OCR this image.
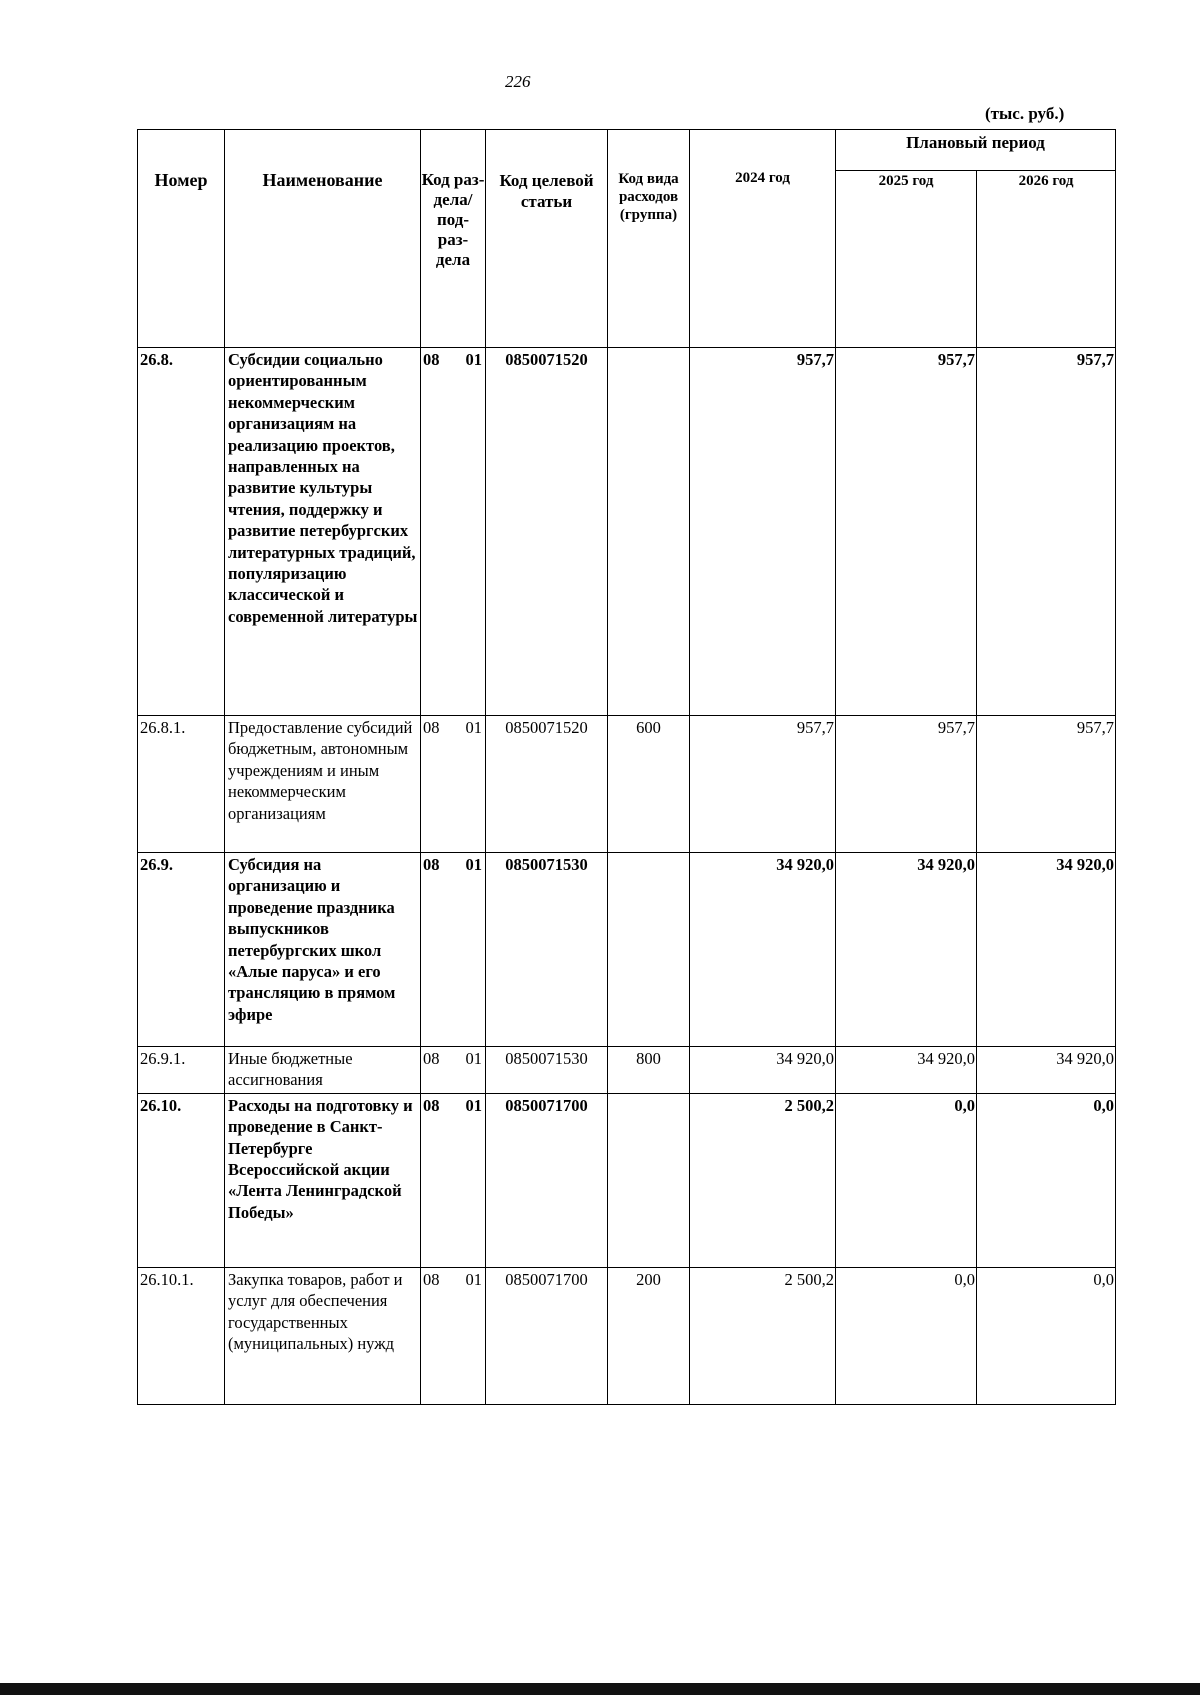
226
(тыс. руб.)
Номер	Наименование	Код раз- дела/ под- раз- дела	Код целевой статьи	Код вида расходов (группа)	2024 год	Плановый период	
						2025 год	2026 год
26.8.	Субсидии социально ориентированным некоммерческим организациям на реализацию проектов, направленных на развитие культуры чтения, поддержку и развитие петербургских литературных традиций, популяризацию классической и современной литературы	08 01	0850071520		957,7	957,7	957,7
26.8.1.	Предоставление субсидий бюджетным, автономным учреждениям и иным некоммерческим организациям	08 01	0850071520	600	957,7	957,7	957,7
26.9.	Субсидия на организацию и проведение праздника выпускников петербургских школ «Алые паруса» и его трансляцию в прямом эфире	08 01	0850071530		34 920,0	34 920,0	34 920,0
26.9.1.	Иные бюджетные ассигнования	08 01	0850071530	800	34 920,0	34 920,0	34 920,0
26.10.	Расходы на подготовку и проведение в Санкт-Петербурге Всероссийской акции «Лента Ленинградской Победы»	08 01	0850071700		2 500,2	0,0	0,0
26.10.1.	Закупка товаров, работ и услуг для обеспечения государственных (муниципальных) нужд	08 01	0850071700	200	2 500,2	0,0	0,0
